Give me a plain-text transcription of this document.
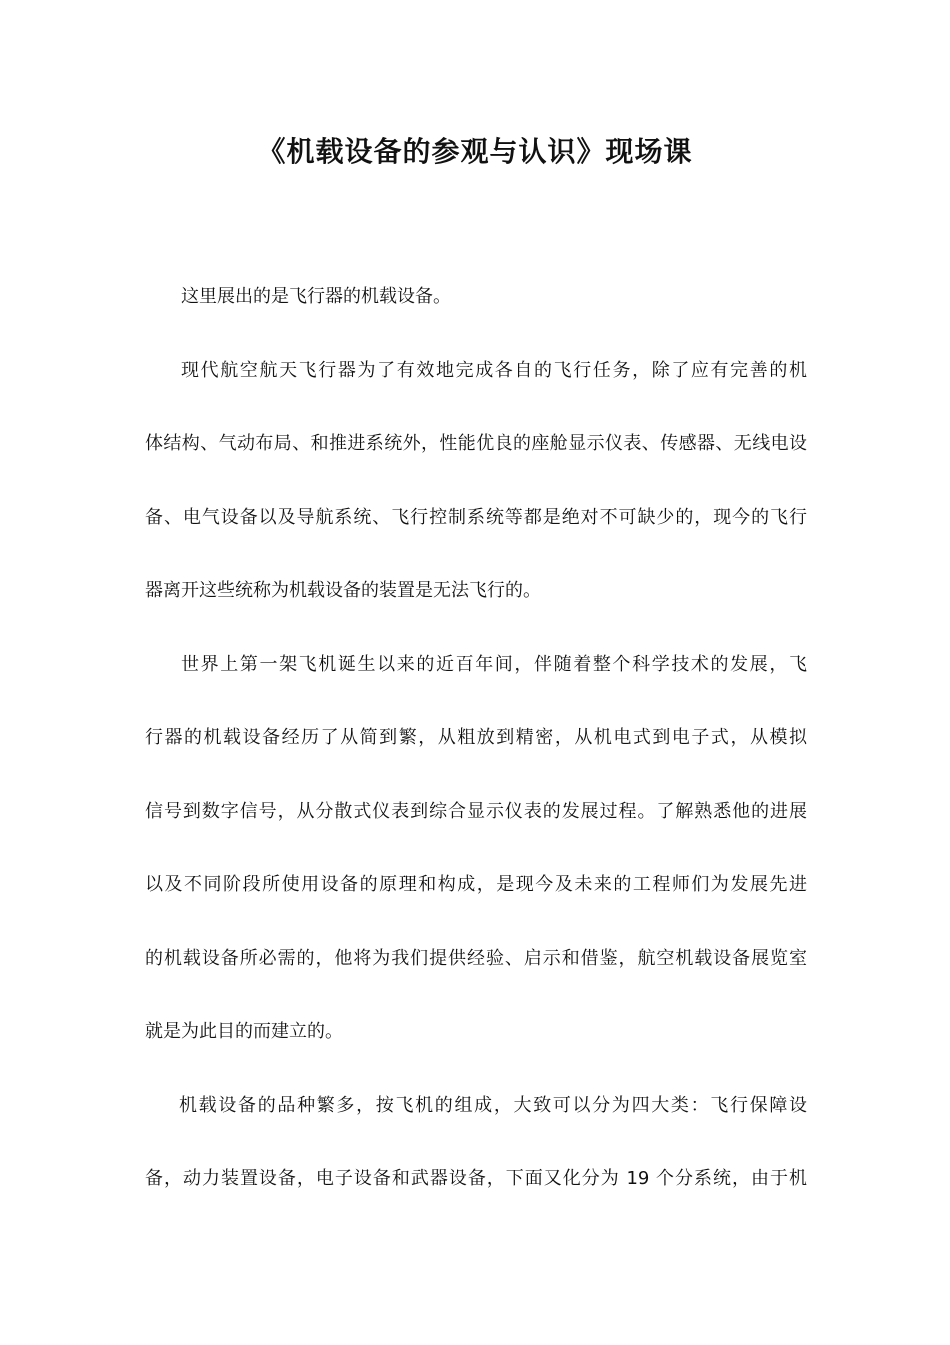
《机载设备的参观与认识》现场课
这里展出的是飞行器的机载设备。
现代航空航天飞行器为了有效地完成各自的飞行任务，除了应有完善的机
体结构、气动布局、和推进系统外，性能优良的座舱显示仪表、传感器、无线电设
备、电气设备以及导航系统、飞行控制系统等都是绝对不可缺少的，现今的飞行
器离开这些统称为机载设备的装置是无法飞行的。
世界上第一架飞机诞生以来的近百年间，伴随着整个科学技术的发展，飞
行器的机载设备经历了从简到繁，从粗放到精密，从机电式到电子式，从模拟
信号到数字信号，从分散式仪表到综合显示仪表的发展过程。了解熟悉他的进展
以及不同阶段所使用设备的原理和构成，是现今及未来的工程师们为发展先进
的机载设备所必需的，他将为我们提供经验、启示和借鉴，航空机载设备展览室
就是为此目的而建立的。
机载设备的品种繁多，按飞机的组成，大致可以分为四大类：飞行保障设
备，动力装置设备，电子设备和武器设备，下面又化分为 19 个分系统，由于机
